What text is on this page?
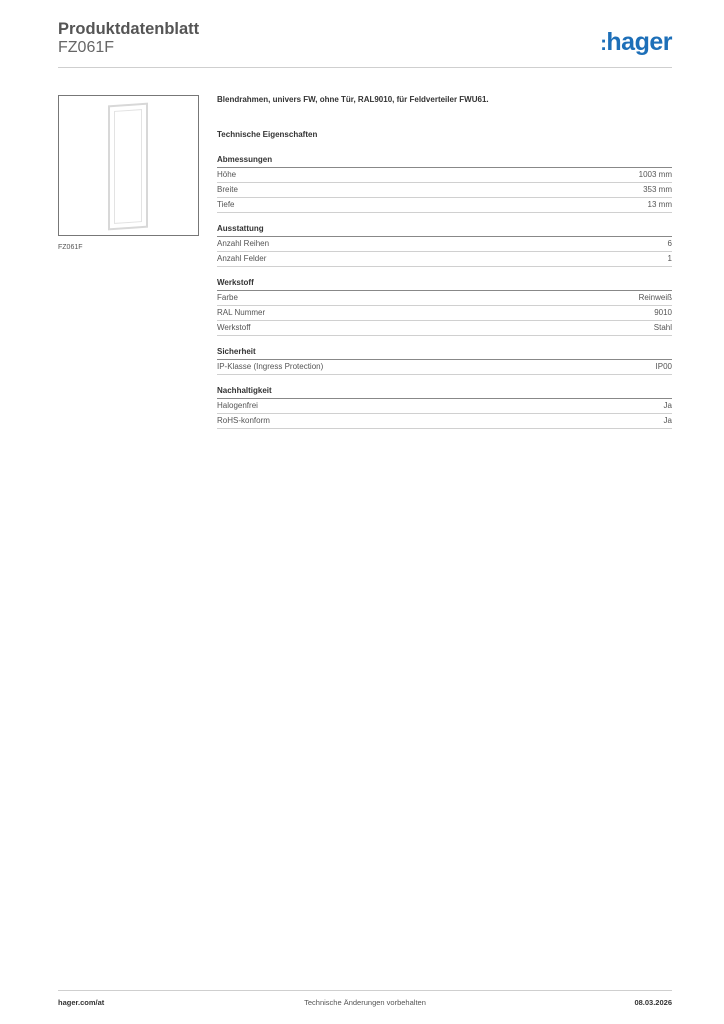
Produktdatenblatt
FZ061F	:hager
FZ061F
Blendrahmen, univers FW, ohne Tür, RAL9010, für Feldverteiler FWU61.
Technische Eigenschaften
Abmessungen
Höhe	1003 mm
Breite	353 mm
Tiefe	13 mm
Ausstattung
Anzahl Reihen	6
Anzahl Felder	1
Werkstoff
Farbe	Reinweiß
RAL Nummer	9010
Werkstoff	Stahl
Sicherheit
IP-Klasse (Ingress Protection)	IP00
Nachhaltigkeit
Halogenfrei	Ja
RoHS-konform	Ja
hager.com/at	Technische Änderungen vorbehalten	08.03.2026
